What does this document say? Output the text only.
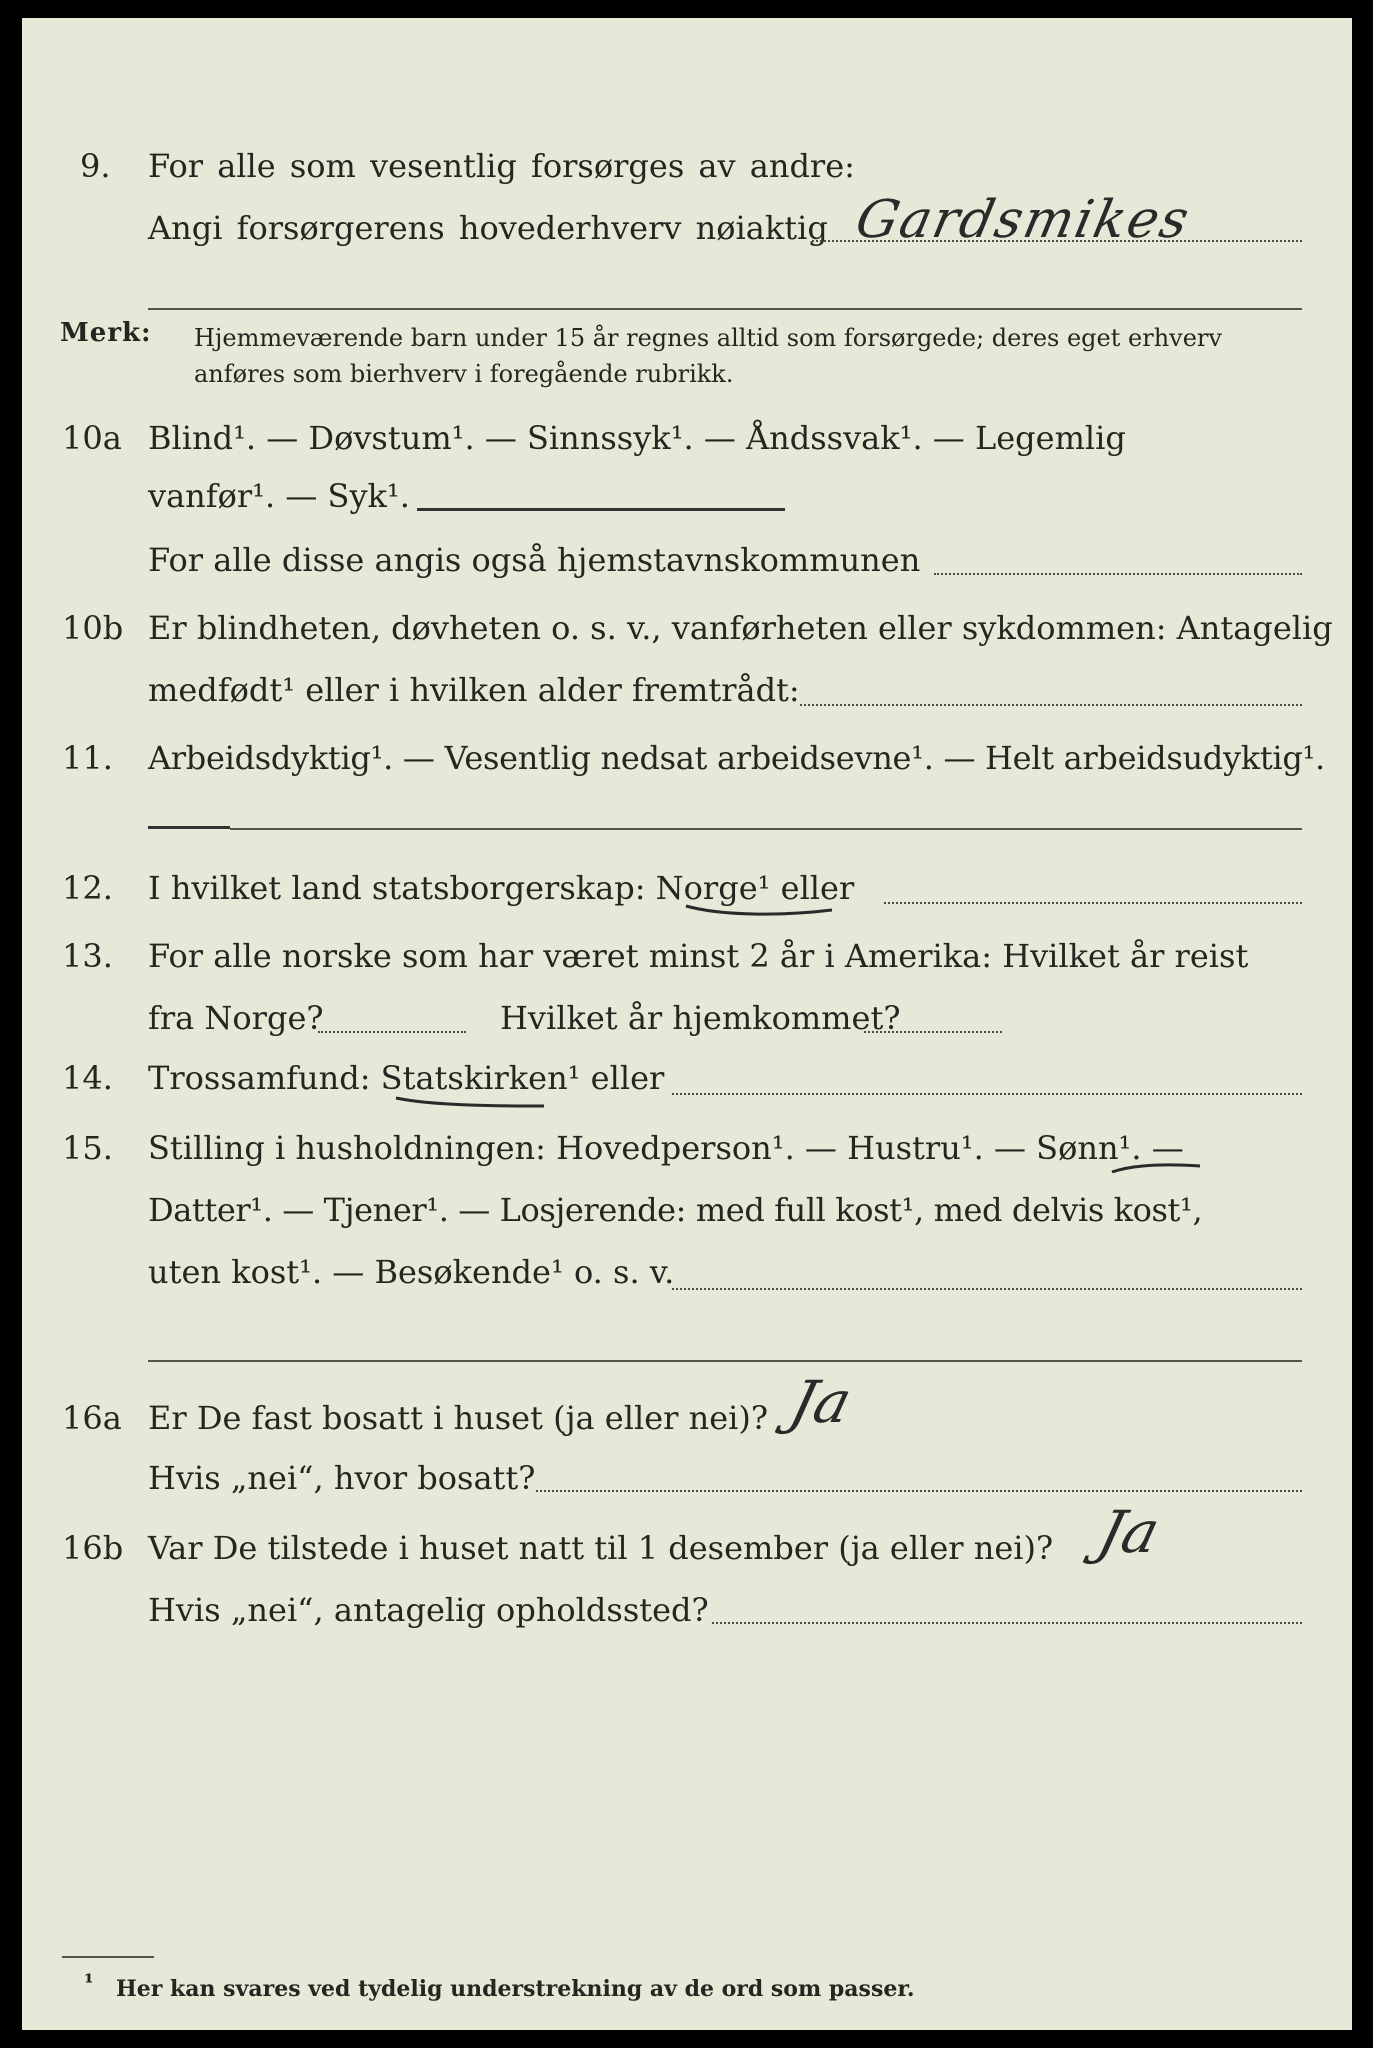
9. For alle som vesentlig forsørges av andre:
Angi forsørgerens hovederhverv nøiaktig Gardsmikes
Merk: Hjemmeværende barn under 15 år regnes alltid som forsørgede; deres eget erhverv
anføres som bierhverv i foregående rubrikk.
10a Blind¹. — Døvstum¹. — Sinnssyk¹. — Åndssvak¹. — Legemlig
vanfør¹. — Syk¹.
For alle disse angis også hjemstavnskommunen
10b Er blindheten, døvheten o. s. v., vanførheten eller sykdommen: Antagelig
medfødt¹ eller i hvilken alder fremtrådt:
11. Arbeidsdyktig¹. — Vesentlig nedsat arbeidsevne¹. — Helt arbeidsudyktig¹.
12. I hvilket land statsborgerskap: Norge¹ eller
13. For alle norske som har været minst 2 år i Amerika: Hvilket år reist
fra Norge?	Hvilket år hjemkommet?
14. Trossamfund: Statskirken¹ eller
15. Stilling i husholdningen: Hovedperson¹. — Hustru¹. — Sønn¹. —
Datter¹. — Tjener¹. — Losjerende: med full kost¹, med delvis kost¹,
uten kost¹. — Besøkende¹ o. s. v.
16a Er De fast bosatt i huset (ja eller nei)? Ja
Hvis „nei“, hvor bosatt?
16b Var De tilstede i huset natt til 1 desember (ja eller nei)? Ja
Hvis „nei“, antagelig opholdssted?
¹ Her kan svares ved tydelig understrekning av de ord som passer.
